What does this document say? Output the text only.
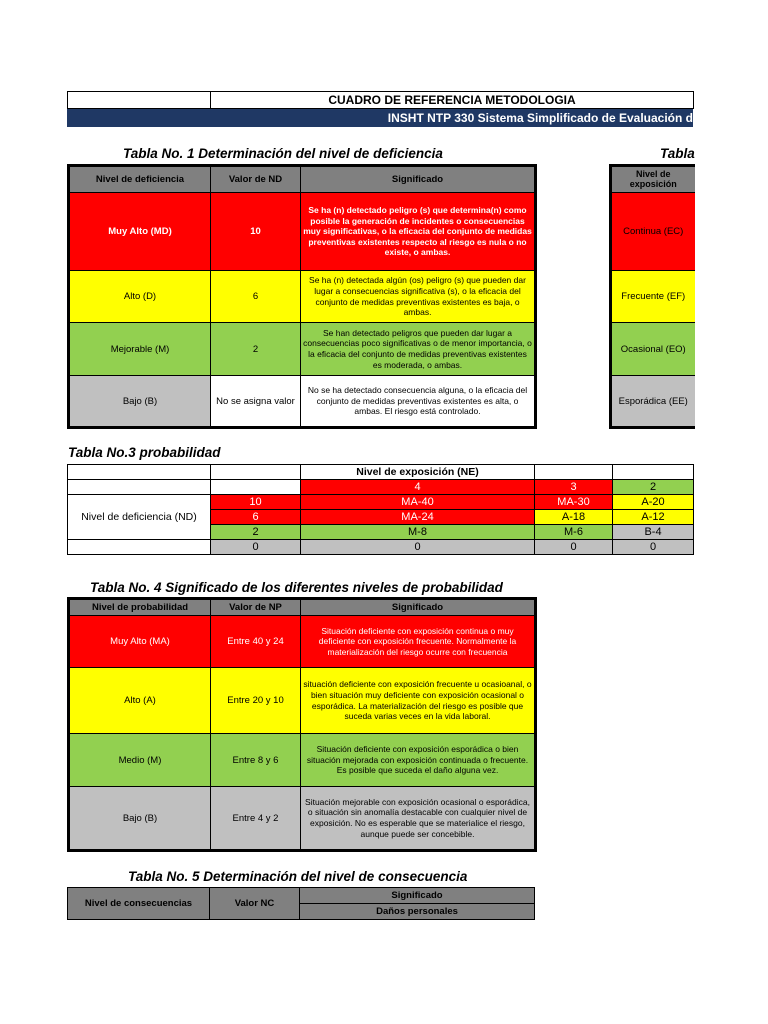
	CUADRO DE REFERENCIA METODOLOGIA
INSHT NTP 330 Sistema Simplificado de Evaluación d
Tabla No. 1 Determinación del nivel de deficiencia	Tabla
Nivel de deficiencia	Valor de ND	Significado
Muy Alto (MD)	10	Se ha (n) detectado peligro (s) que determina(n) como posible la generación de incidentes o consecuencias muy significativas, o la eficacia del conjunto de medidas preventivas existentes respecto al riesgo es nula o no existe, o ambas.
Alto (D)	6	Se ha (n) detectada algún (os) peligro (s) que pueden dar lugar a consecuencias significativa (s), o la eficacia del conjunto de medidas preventivas existentes es baja, o ambas.
Mejorable (M)	2	Se han detectado peligros que pueden dar lugar a consecuencias poco significativas o de menor importancia, o la eficacia del conjunto de medidas preventivas existentes es moderada, o ambas.
Bajo (B)	No se asigna valor	No se ha detectado consecuencia alguna, o la eficacia del conjunto de medidas preventivas existentes es alta, o ambas. El riesgo está controlado.
Nivel de exposición
Continua (EC)
Frecuente (EF)
Ocasional (EO)
Esporádica (EE)
Tabla No.3 probabilidad
		Nivel de exposición (NE)		
		4	3	2
Nivel de deficiencia (ND)	10	MA-40	MA-30	A-20
	6	MA-24	A-18	A-12
	2	M-8	M-6	B-4
	0	0	0	0
Tabla No. 4 Significado de los diferentes niveles de probabilidad
Nivel de probabilidad	Valor de NP	Significado
Muy Alto (MA)	Entre 40 y 24	Situación deficiente con exposición continua o muy deficiente con exposición frecuente. Normalmente la materialización del riesgo ocurre con frecuencia
Alto (A)	Entre 20 y 10	situación deficiente con exposición frecuente u ocasioanal, o bien situación muy deficiente con exposición ocasional o esporádica. La materialización del riesgo es posible que suceda varias veces en la vida laboral.
Medio (M)	Entre 8 y 6	Situación deficiente con exposición esporádica o bien situación mejorada con exposición continuada o frecuente. Es posible que suceda el daño alguna vez.
Bajo (B)	Entre 4 y 2	Situación mejorable con exposición ocasional o esporádica, o situación sin anomalía destacable con cualquier nivel de exposición. No es esperable que se materialice el riesgo, aunque puede ser concebible.
Tabla No. 5 Determinación del nivel de consecuencia
Nivel de consecuencias	Valor NC	Significado
Daños personales
